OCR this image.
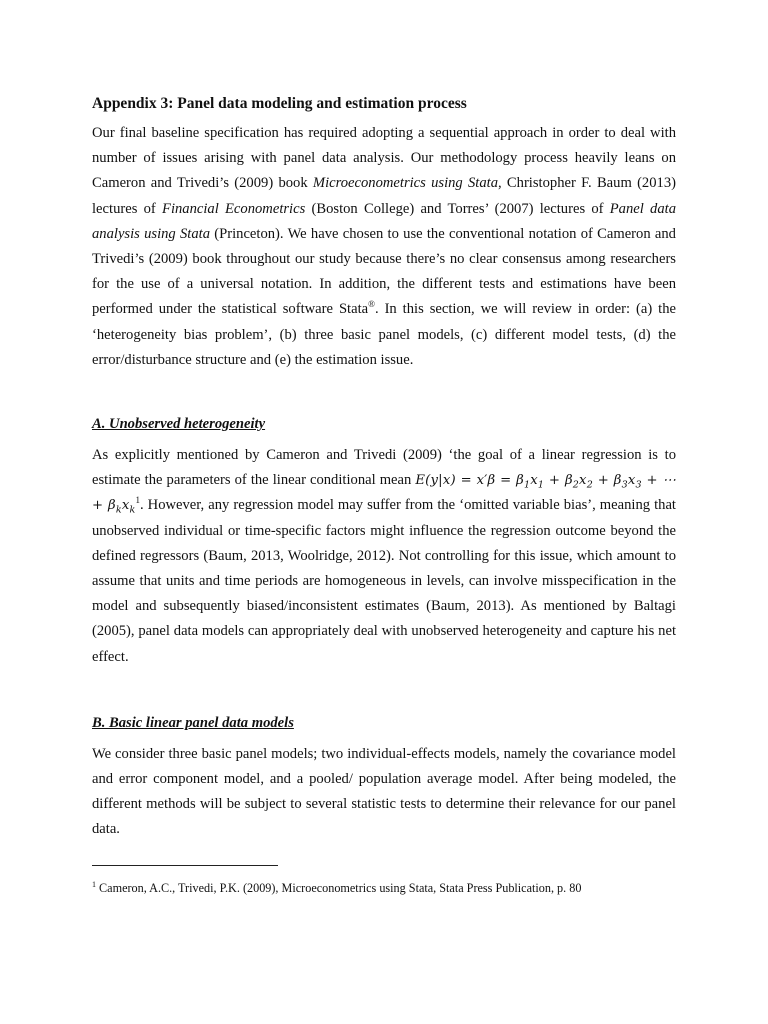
Appendix 3: Panel data modeling and estimation process

Our final baseline specification has required adopting a sequential approach in order to deal with number of issues arising with panel data analysis. Our methodology process heavily leans on Cameron and Trivedi’s (2009) book Microeconometrics using Stata, Christopher F. Baum (2013) lectures of Financial Econometrics (Boston College) and Torres’ (2007) lectures of Panel data analysis using Stata (Princeton). We have chosen to use the conventional notation of Cameron and Trivedi’s (2009) book throughout our study because there’s no clear consensus among researchers for the use of a universal notation. In addition, the different tests and estimations have been performed under the statistical software Stata®. In this section, we will review in order: (a) the ‘heterogeneity bias problem’, (b) three basic panel models, (c) different model tests, (d) the error/disturbance structure and (e) the estimation issue.

A. Unobserved heterogeneity

As explicitly mentioned by Cameron and Trivedi (2009) ‘the goal of a linear regression is to estimate the parameters of the linear conditional mean $E(y|x) = x'\beta = \beta_1x_1 + \beta_2x_2 + \beta_3x_3$ + ⋯ + $\beta_kx_k^1$. However, any regression model may suffer from the ‘omitted variable bias’, meaning that unobserved individual or time-specific factors might influence the regression outcome beyond the defined regressors (Baum, 2013, Woolridge, 2012). Not controlling for this issue, which amount to assume that units and time periods are homogeneous in levels, can involve misspecification in the model and subsequently biased/inconsistent estimates (Baum, 2013). As mentioned by Baltagi (2005), panel data models can appropriately deal with unobserved heterogeneity and capture his net effect.

B. Basic linear panel data models

We consider three basic panel models; two individual-effects models, namely the covariance model and error component model, and a pooled/ population average model. After being modeled, the different methods will be subject to several statistic tests to determine their relevance for our panel data.

$^1$ Cameron, A.C., Trivedi, P.K. (2009), Microeconometrics using Stata, Stata Press Publication, p. 80
